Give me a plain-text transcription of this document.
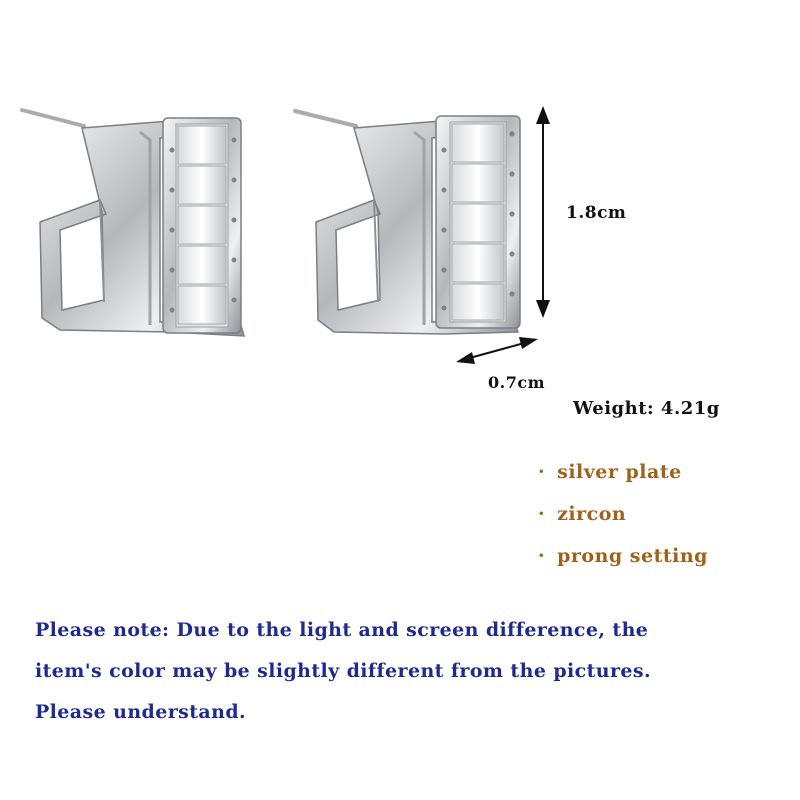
1.8cm
0.7cm
Weight: 4.21g
· silver plate
· zircon
· prong setting
Please note: Due to the light and screen difference, the
item's color may be slightly different from the pictures.
Please understand.
